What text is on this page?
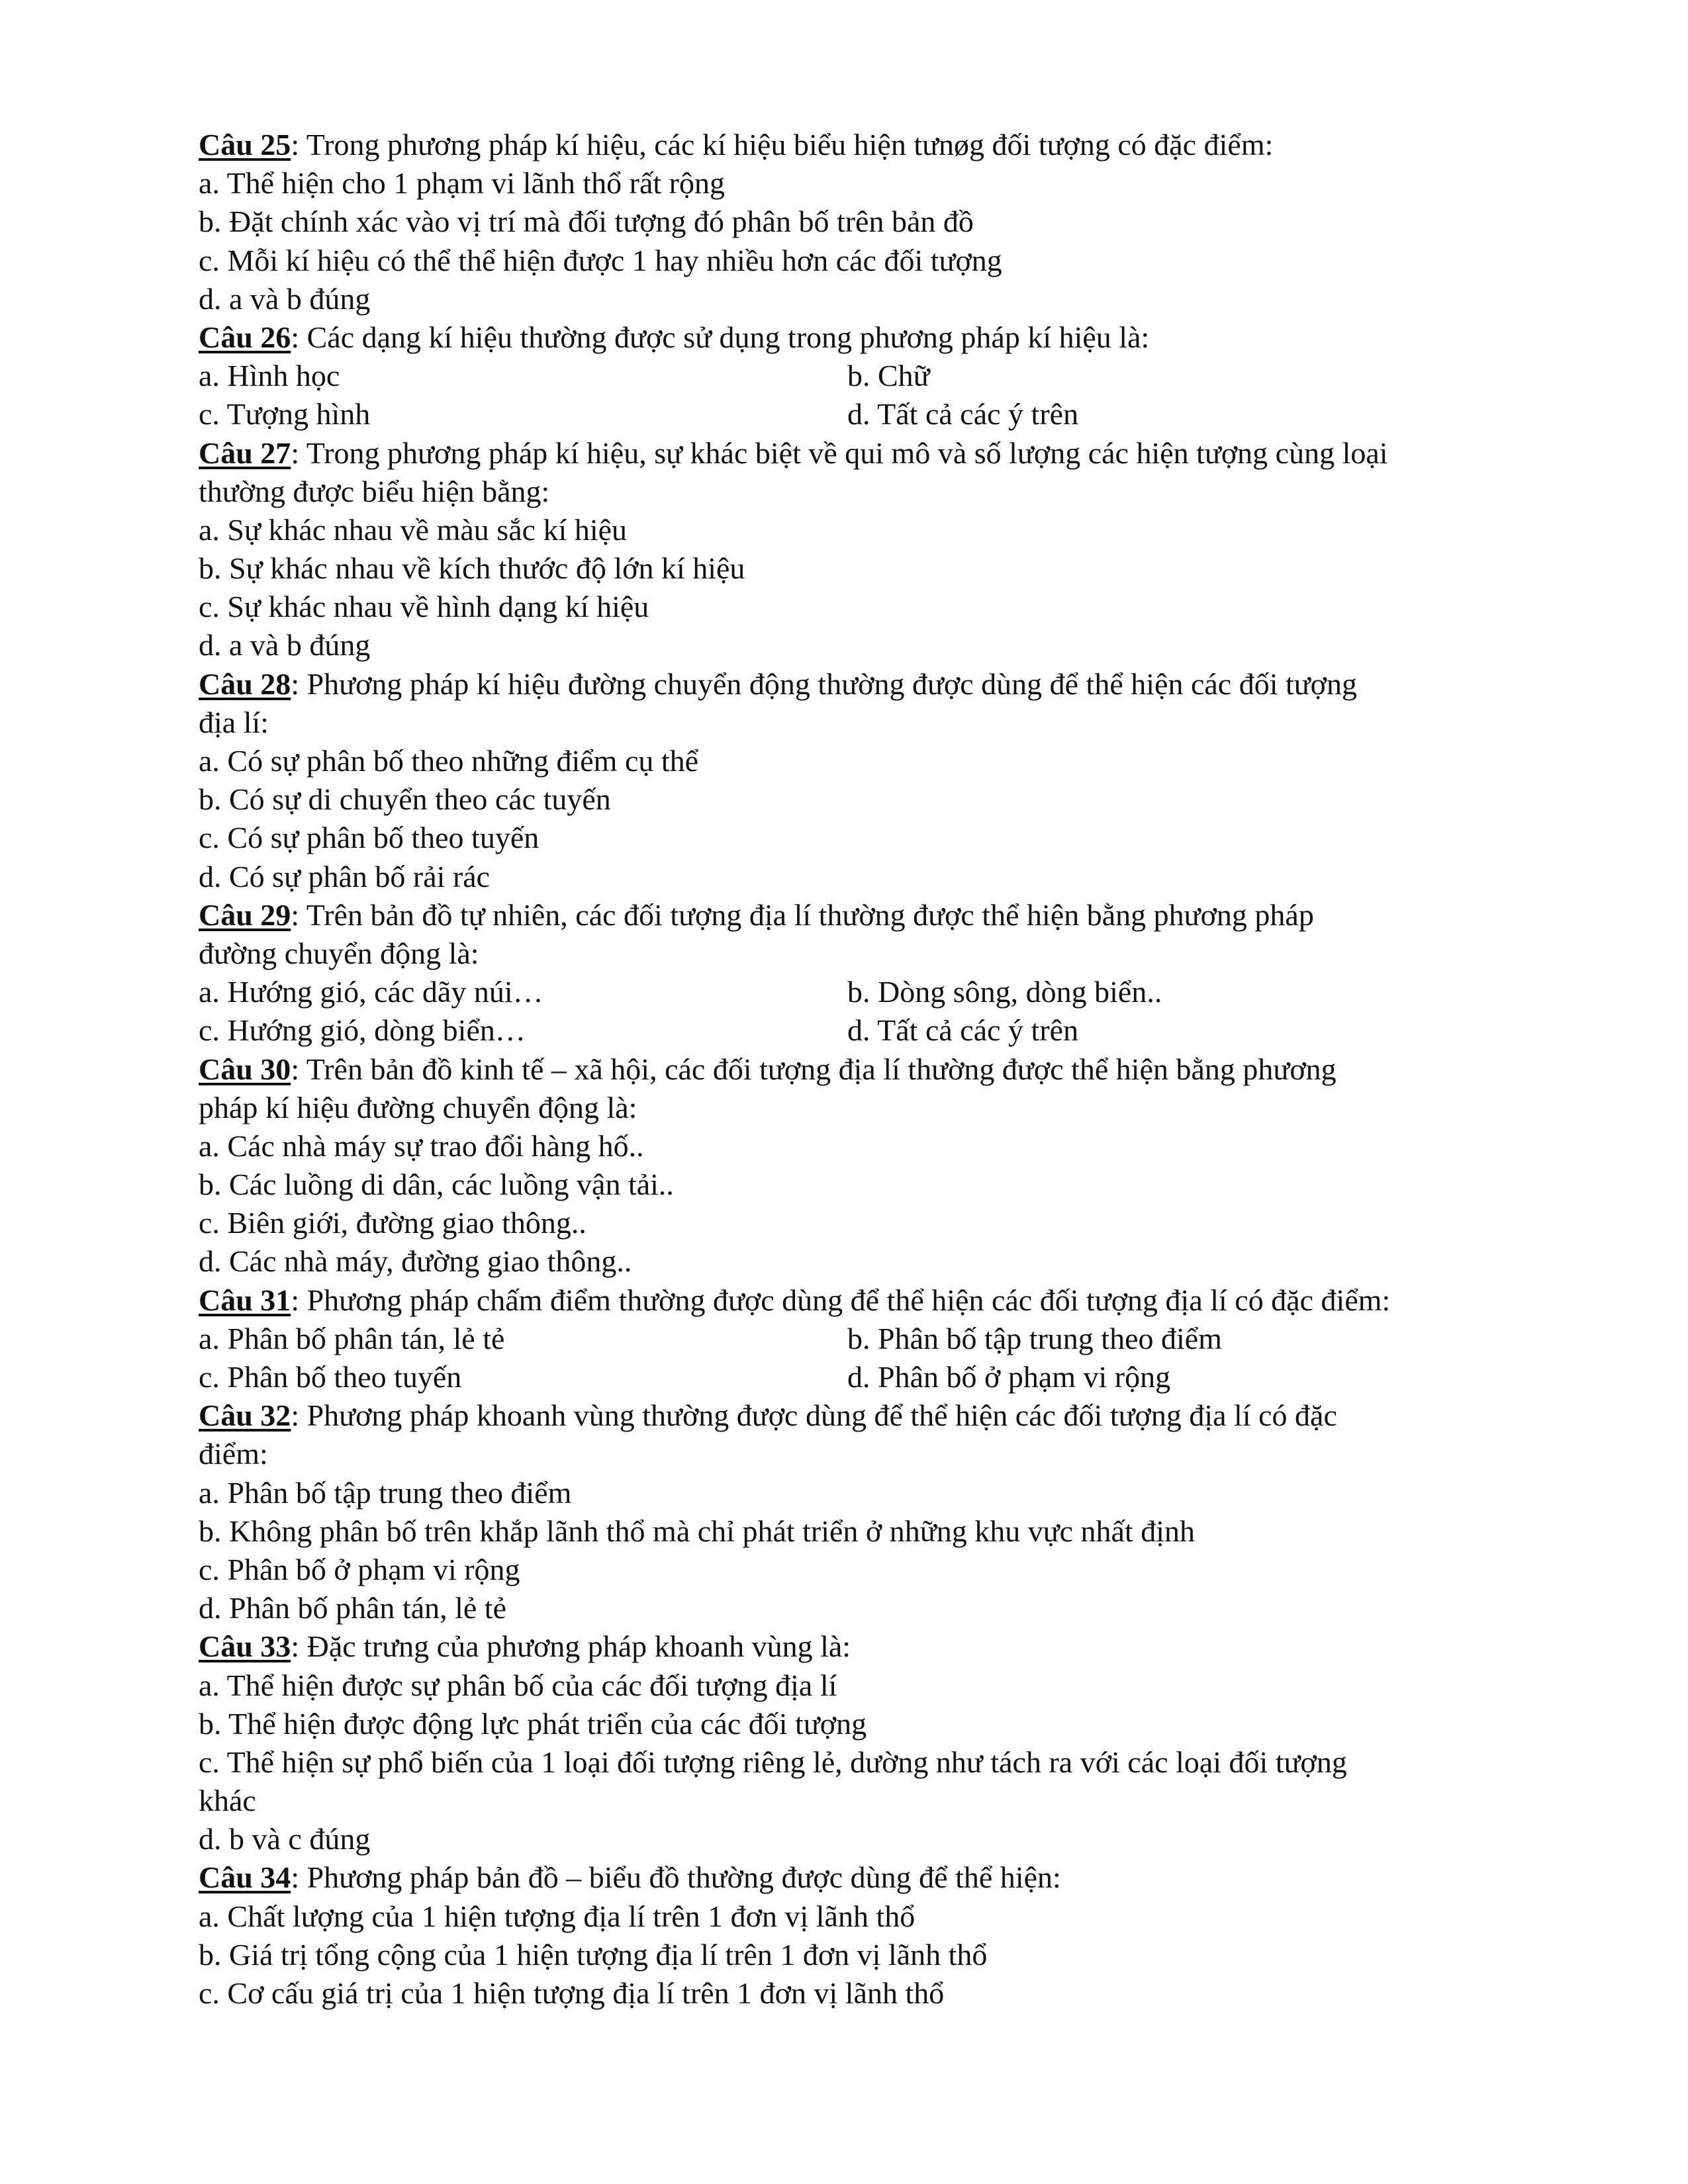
Câu 25: Trong phương pháp kí hiệu, các kí hiệu biểu hiện tưnøg đối tượng có đặc điểm:
a. Thể hiện cho 1 phạm vi lãnh thổ rất rộng
b. Đặt chính xác vào vị trí mà đối tượng đó phân bố trên bản đồ
c. Mỗi kí hiệu có thể thể hiện được 1 hay nhiều hơn các đối tượng
d. a và b đúng
Câu 26: Các dạng kí hiệu thường được sử dụng trong phương pháp kí hiệu là:
a. Hình học	b. Chữ
c. Tượng hình	d. Tất cả các ý trên
Câu 27: Trong phương pháp kí hiệu, sự khác biệt về qui mô và số lượng các hiện tượng cùng loại
thường được biểu hiện bằng:
a. Sự khác nhau về màu sắc kí hiệu
b. Sự khác nhau về kích thước độ lớn kí hiệu
c. Sự khác nhau về hình dạng kí hiệu
d. a và b đúng
Câu 28: Phương pháp kí hiệu đường chuyển động thường được dùng để thể hiện các đối tượng
địa lí:
a. Có sự phân bố theo những điểm cụ thể
b. Có sự di chuyển theo các tuyến
c. Có sự phân bố theo tuyến
d. Có sự phân bố rải rác
Câu 29: Trên bản đồ tự nhiên, các đối tượng địa lí thường được thể hiện bằng phương pháp
đường chuyển động là:
a. Hướng gió, các dãy núi…	b. Dòng sông, dòng biển..
c. Hướng gió, dòng biển…	d. Tất cả các ý trên
Câu 30: Trên bản đồ kinh tế – xã hội, các đối tượng địa lí thường được thể hiện bằng phương
pháp kí hiệu đường chuyển động là:
a. Các nhà máy sự trao đổi hàng hố..
b. Các luồng di dân, các luồng vận tải..
c. Biên giới, đường giao thông..
d. Các nhà máy, đường giao thông..
Câu 31: Phương pháp chấm điểm thường được dùng để thể hiện các đối tượng địa lí có đặc điểm:
a. Phân bố phân tán, lẻ tẻ	b. Phân bố tập trung theo điểm
c. Phân bố theo tuyến	d. Phân bố ở phạm vi rộng
Câu 32: Phương pháp khoanh vùng thường được dùng để thể hiện các đối tượng địa lí có đặc
điểm:
a. Phân bố tập trung theo điểm
b. Không phân bố trên khắp lãnh thổ mà chỉ phát triển ở những khu vực nhất định
c. Phân bố ở phạm vi rộng
d. Phân bố phân tán, lẻ tẻ
Câu 33: Đặc trưng của phương pháp khoanh vùng là:
a. Thể hiện được sự phân bố của các đối tượng địa lí
b. Thể hiện được động lực phát triển của các đối tượng
c. Thể hiện sự phổ biến của 1 loại đối tượng riêng lẻ, dường như tách ra với các loại đối tượng
khác
d. b và c đúng
Câu 34: Phương pháp bản đồ – biểu đồ thường được dùng để thể hiện:
a. Chất lượng của 1 hiện tượng địa lí trên 1 đơn vị lãnh thổ
b. Giá trị tổng cộng của 1 hiện tượng địa lí trên 1 đơn vị lãnh thổ
c. Cơ cấu giá trị của 1 hiện tượng địa lí trên 1 đơn vị lãnh thổ
